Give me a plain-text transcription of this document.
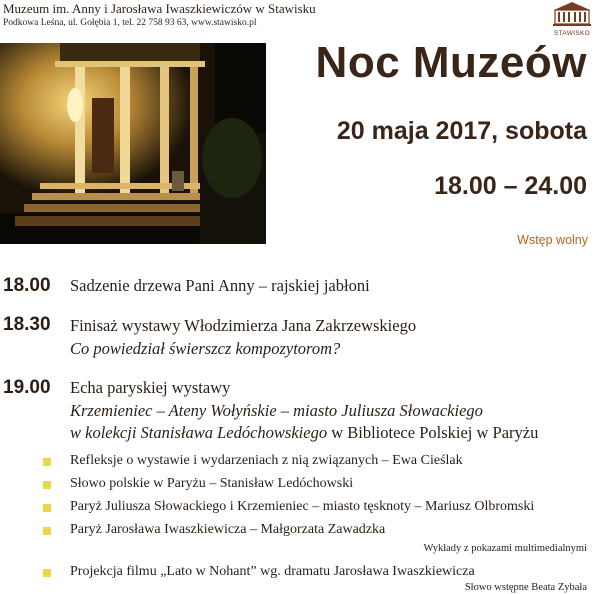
Muzeum im. Anny i Jarosława Iwaszkiewiczów w Stawisku
Podkowa Leśna, ul. Gołębia 1, tel. 22 758 93 63, www.stawisko.pl
STAWISKO
Noc Muzeów
20 maja 2017, sobota
18.00 – 24.00
Wstęp wolny
18.00 Sadzenie drzewa Pani Anny – rajskiej jabłoni
18.30 Finisaż wystawy Włodzimierza Jana Zakrzewskiego
Co powiedział świerszcz kompozytorom?
19.00 Echa paryskiej wystawy
Krzemieniec – Ateny Wołyńskie – miasto Juliusza Słowackiego
w kolekcji Stanisława Ledóchowskiego w Bibliotece Polskiej w Paryżu
Refleksje o wystawie i wydarzeniach z nią związanych – Ewa Cieślak
Słowo polskie w Paryżu – Stanisław Ledóchowski
Paryż Juliusza Słowackiego i Krzemieniec – miasto tęsknoty – Mariusz Olbromski
Paryż Jarosława Iwaszkiewicza – Małgorzata Zawadzka
Wykłady z pokazami multimedialnymi
Projekcja filmu „Lato w Nohant” wg. dramatu Jarosława Iwaszkiewicza
Słowo wstępne Beata Zybała
